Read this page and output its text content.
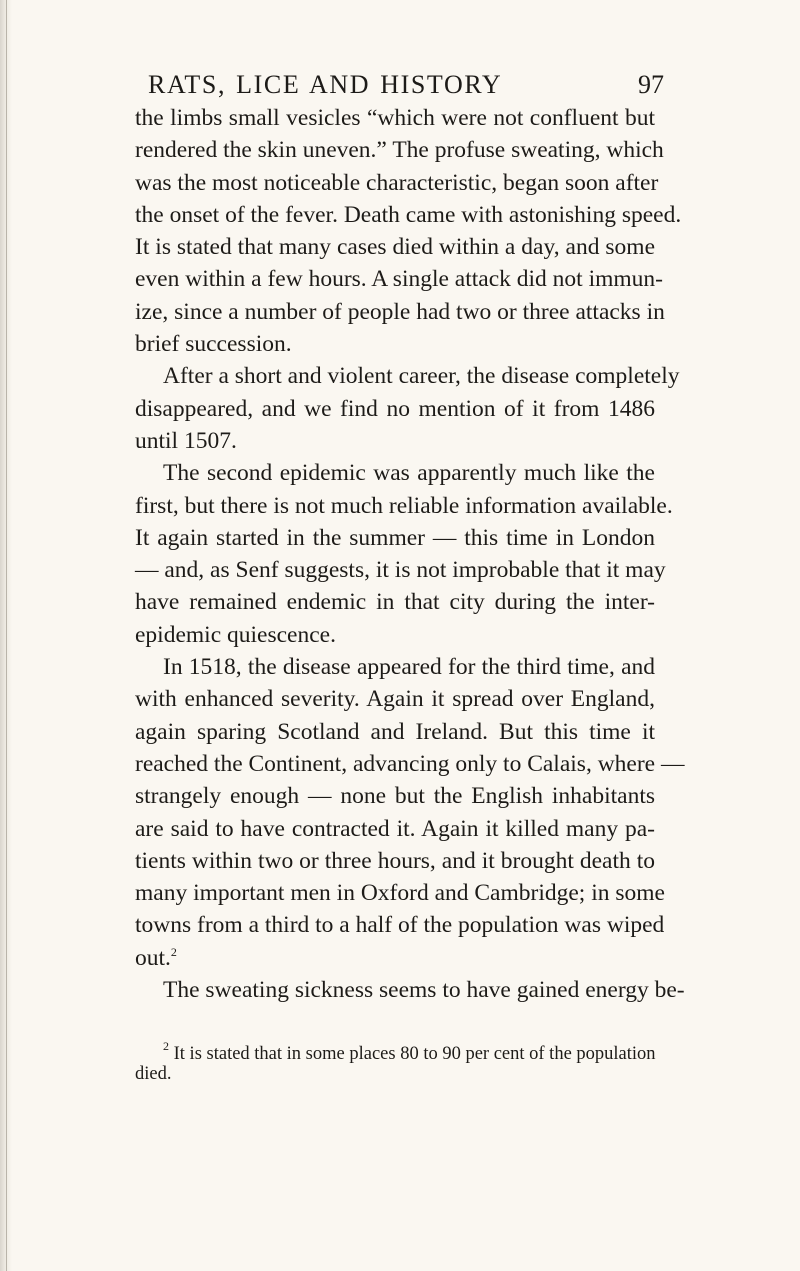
RATS, LICE AND HISTORY	97
the limbs small vesicles “which were not confluent but
rendered the skin uneven.” The profuse sweating, which
was the most noticeable characteristic, began soon after
the onset of the fever. Death came with astonishing speed.
It is stated that many cases died within a day, and some
even within a few hours. A single attack did not immun-
ize, since a number of people had two or three attacks in
brief succession.
After a short and violent career, the disease completely
disappeared, and we find no mention of it from 1486
until 1507.
The second epidemic was apparently much like the
first, but there is not much reliable information available.
It again started in the summer — this time in London
— and, as Senf suggests, it is not improbable that it may
have remained endemic in that city during the inter-
epidemic quiescence.
In 1518, the disease appeared for the third time, and
with enhanced severity. Again it spread over England,
again sparing Scotland and Ireland. But this time it
reached the Continent, advancing only to Calais, where —
strangely enough — none but the English inhabitants
are said to have contracted it. Again it killed many pa-
tients within two or three hours, and it brought death to
many important men in Oxford and Cambridge; in some
towns from a third to a half of the population was wiped
out.$^2$
The sweating sickness seems to have gained energy be-
$^2$ It is stated that in some places 80 to 90 per cent of the population
died.
